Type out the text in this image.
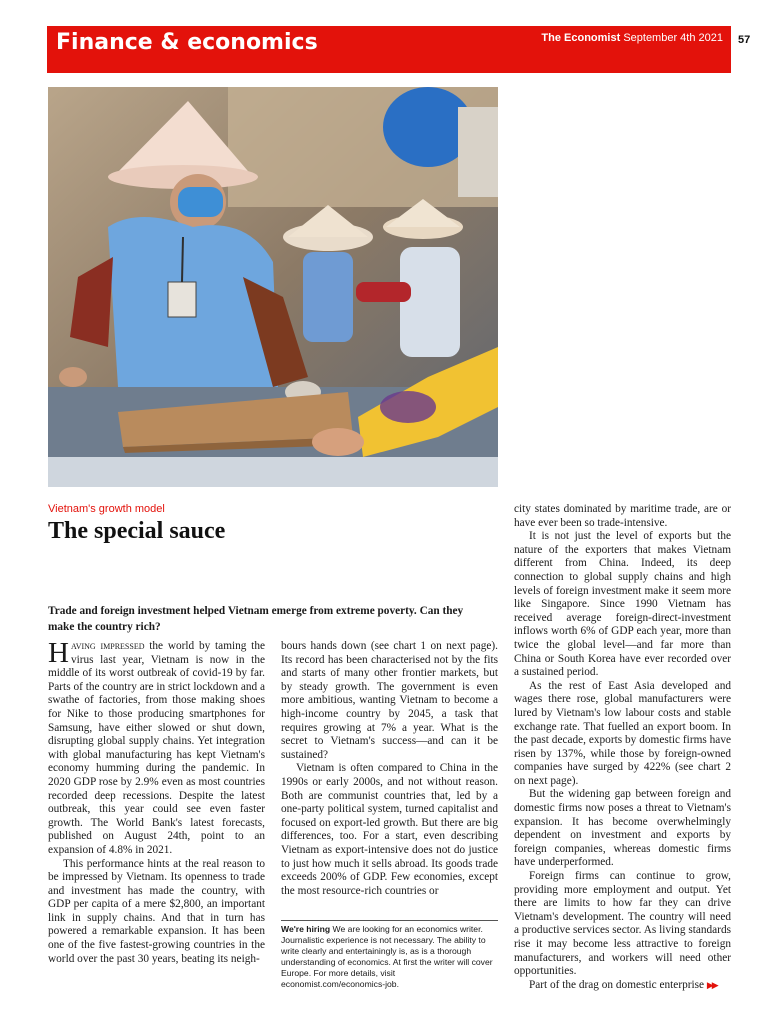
Finance & economics	The Economist September 4th 2021 57
Vietnam's growth model
The special sauce
Trade and foreign investment helped Vietnam emerge from extreme poverty. Can they make the country rich?

Having impressed the world by taming the virus last year, Vietnam is now in the middle of its worst outbreak of covid-19 by far. Parts of the country are in strict lockdown and a swathe of factories, from those making shoes for Nike to those producing smartphones for Samsung, have either slowed or shut down, disrupting global supply chains. Yet integration with global manufacturing has kept Vietnam's economy humming during the pandemic. In 2020 GDP rose by 2.9% even as most countries recorded deep recessions. Despite the latest outbreak, this year could see even faster growth. The World Bank's latest forecasts, published on August 24th, point to an expansion of 4.8% in 2021.

This performance hints at the real reason to be impressed by Vietnam. Its openness to trade and investment has made the country, with GDP per capita of a mere $2,800, an important link in supply chains. And that in turn has powered a remarkable expansion. It has been one of the five fastest-growing countries in the world over the past 30 years, beating its neigh-

bours hands down (see chart 1 on next page). Its record has been characterised not by the fits and starts of many other frontier markets, but by steady growth. The government is even more ambitious, wanting Vietnam to become a high-income country by 2045, a task that requires growing at 7% a year. What is the secret to Vietnam's success—and can it be sustained?

Vietnam is often compared to China in the 1990s or early 2000s, and not without reason. Both are communist countries that, led by a one-party political system, turned capitalist and focused on export-led growth. But there are big differences, too. For a start, even describing Vietnam as export-intensive does not do justice to just how much it sells abroad. Its goods trade exceeds 200% of GDP. Few economies, except the most resource-rich countries or

We're hiring We are looking for an economics writer. Journalistic experience is not necessary. The ability to write clearly and entertainingly is, as is a thorough understanding of economics. At first the writer will cover Europe. For more details, visit economist.com/economics-job.

city states dominated by maritime trade, are or have ever been so trade-intensive.

It is not just the level of exports but the nature of the exporters that makes Vietnam different from China. Indeed, its deep connection to global supply chains and high levels of foreign investment make it seem more like Singapore. Since 1990 Vietnam has received average foreign-direct-investment inflows worth 6% of GDP each year, more than twice the global level—and far more than China or South Korea have ever recorded over a sustained period.

As the rest of East Asia developed and wages there rose, global manufacturers were lured by Vietnam's low labour costs and stable exchange rate. That fuelled an export boom. In the past decade, exports by domestic firms have risen by 137%, while those by foreign-owned companies have surged by 422% (see chart 2 on next page).

But the widening gap between foreign and domestic firms now poses a threat to Vietnam's expansion. It has become overwhelmingly dependent on investment and exports by foreign companies, whereas domestic firms have underperformed.

Foreign firms can continue to grow, providing more employment and output. Yet there are limits to how far they can drive Vietnam's development. The country will need a productive services sector. As living standards rise it may become less attractive to foreign manufacturers, and workers will need other opportunities.

Part of the drag on domestic enterprise ▶▶
